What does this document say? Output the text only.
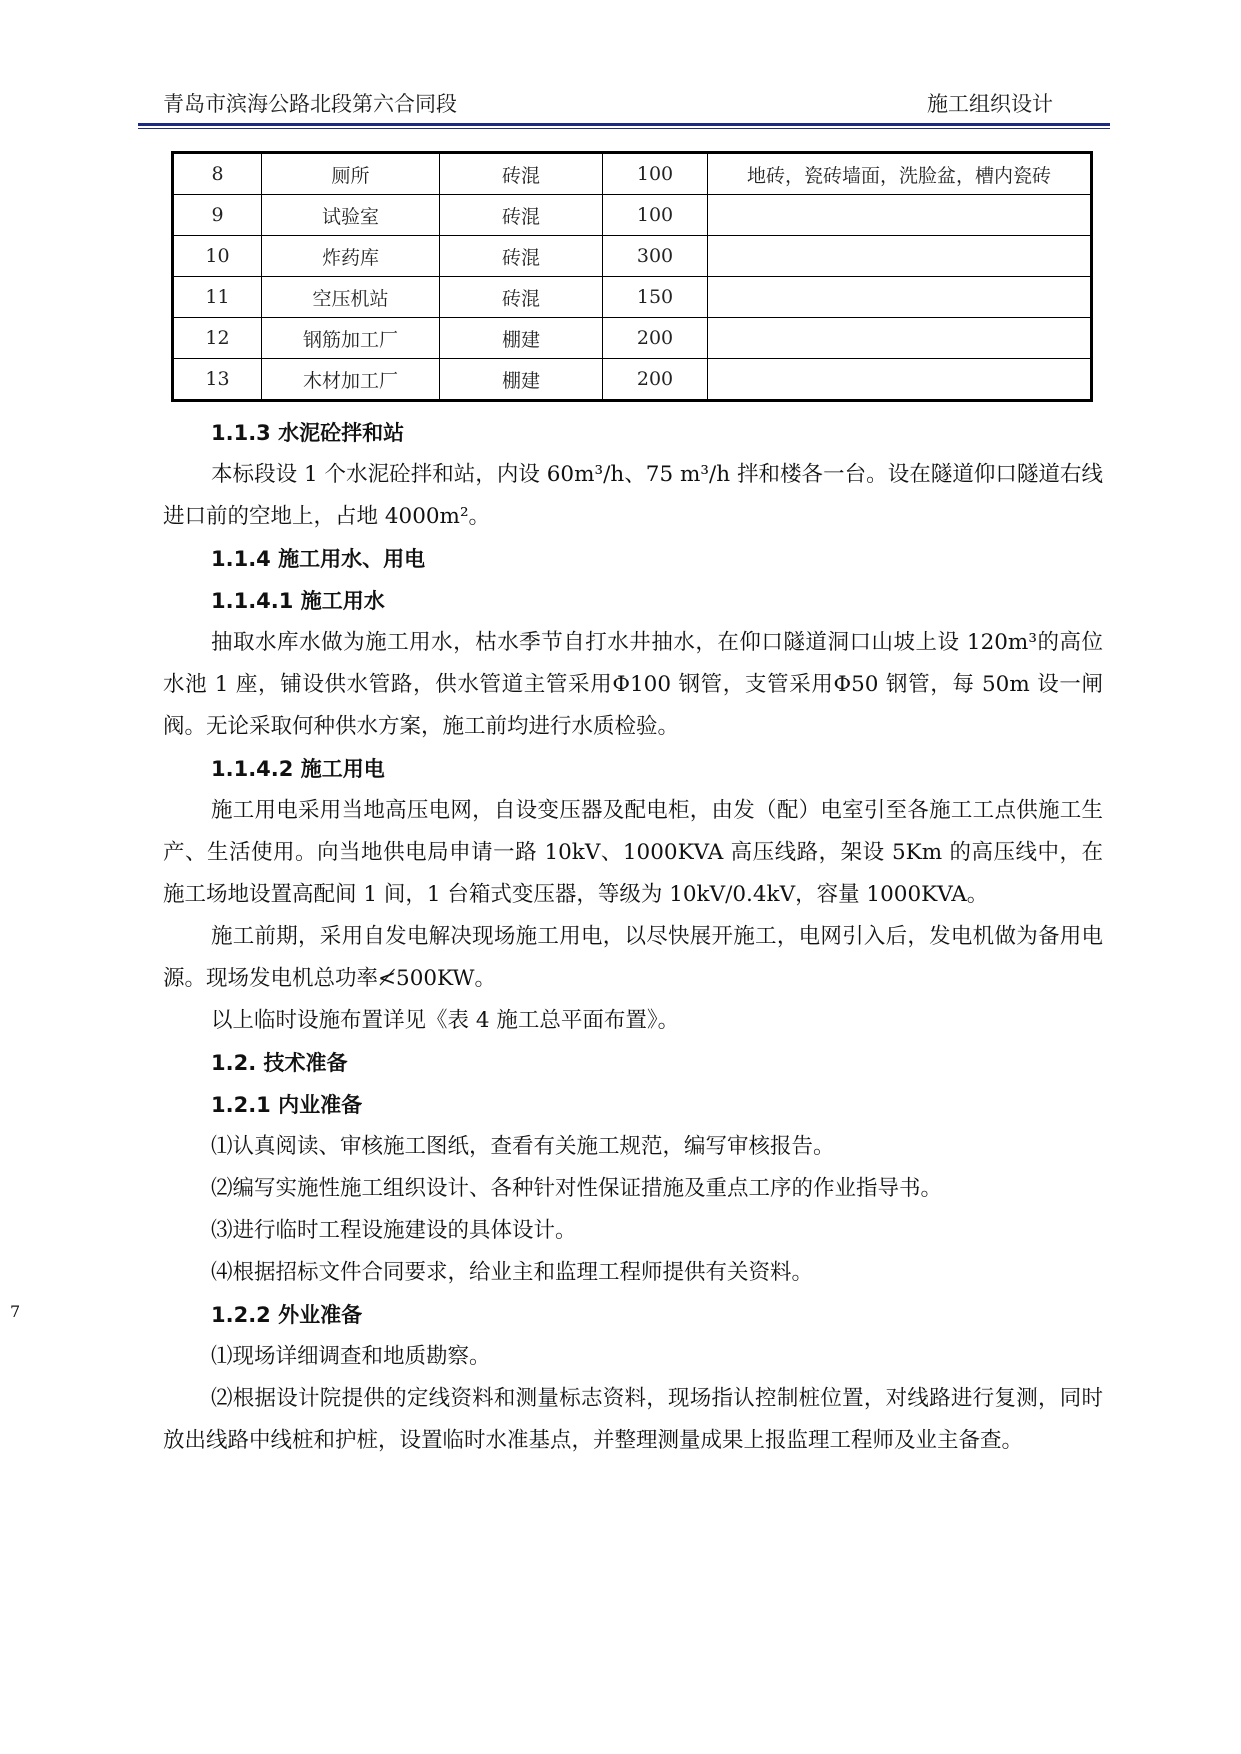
青岛市滨海公路北段第六合同段	施工组织设计
8	厕所	砖混	100	地砖，瓷砖墙面，洗脸盆，槽内瓷砖
9	试验室	砖混	100	
10	炸药库	砖混	300	
11	空压机站	砖混	150	
12	钢筋加工厂	棚建	200	
13	木材加工厂	棚建	200	
1.1.3 水泥砼拌和站

本标段设 1 个水泥砼拌和站，内设 60m³/h、75 m³/h 拌和楼各一台。设在隧道仰口隧道右线进口前的空地上，占地 4000m²。

1.1.4 施工用水、用电
1.1.4.1 施工用水

抽取水库水做为施工用水，枯水季节自打水井抽水，在仰口隧道洞口山坡上设 120m³的高位水池 1 座，铺设供水管路，供水管道主管采用Φ100 钢管，支管采用Φ50 钢管，每 50m 设一闸阀。无论采取何种供水方案，施工前均进行水质检验。

1.1.4.2 施工用电

施工用电采用当地高压电网，自设变压器及配电柜，由发（配）电室引至各施工工点供施工生产、生活使用。向当地供电局申请一路 10kV、1000KVA 高压线路，架设 5Km 的高压线中，在施工场地设置高配间 1 间，1 台箱式变压器，等级为 10kV/0.4kV，容量 1000KVA。

施工前期，采用自发电解决现场施工用电，以尽快展开施工，电网引入后，发电机做为备用电源。现场发电机总功率≮500KW。

以上临时设施布置详见《表 4 施工总平面布置》。

1.2. 技术准备
1.2.1 内业准备
⑴认真阅读、审核施工图纸，查看有关施工规范，编写审核报告。
⑵编写实施性施工组织设计、各种针对性保证措施及重点工序的作业指导书。
⑶进行临时工程设施建设的具体设计。
⑷根据招标文件合同要求，给业主和监理工程师提供有关资料。
1.2.2 外业准备
⑴现场详细调查和地质勘察。

⑵根据设计院提供的定线资料和测量标志资料，现场指认控制桩位置，对线路进行复测，同时放出线路中线桩和护桩，设置临时水准基点，并整理测量成果上报监理工程师及业主备查。

7
